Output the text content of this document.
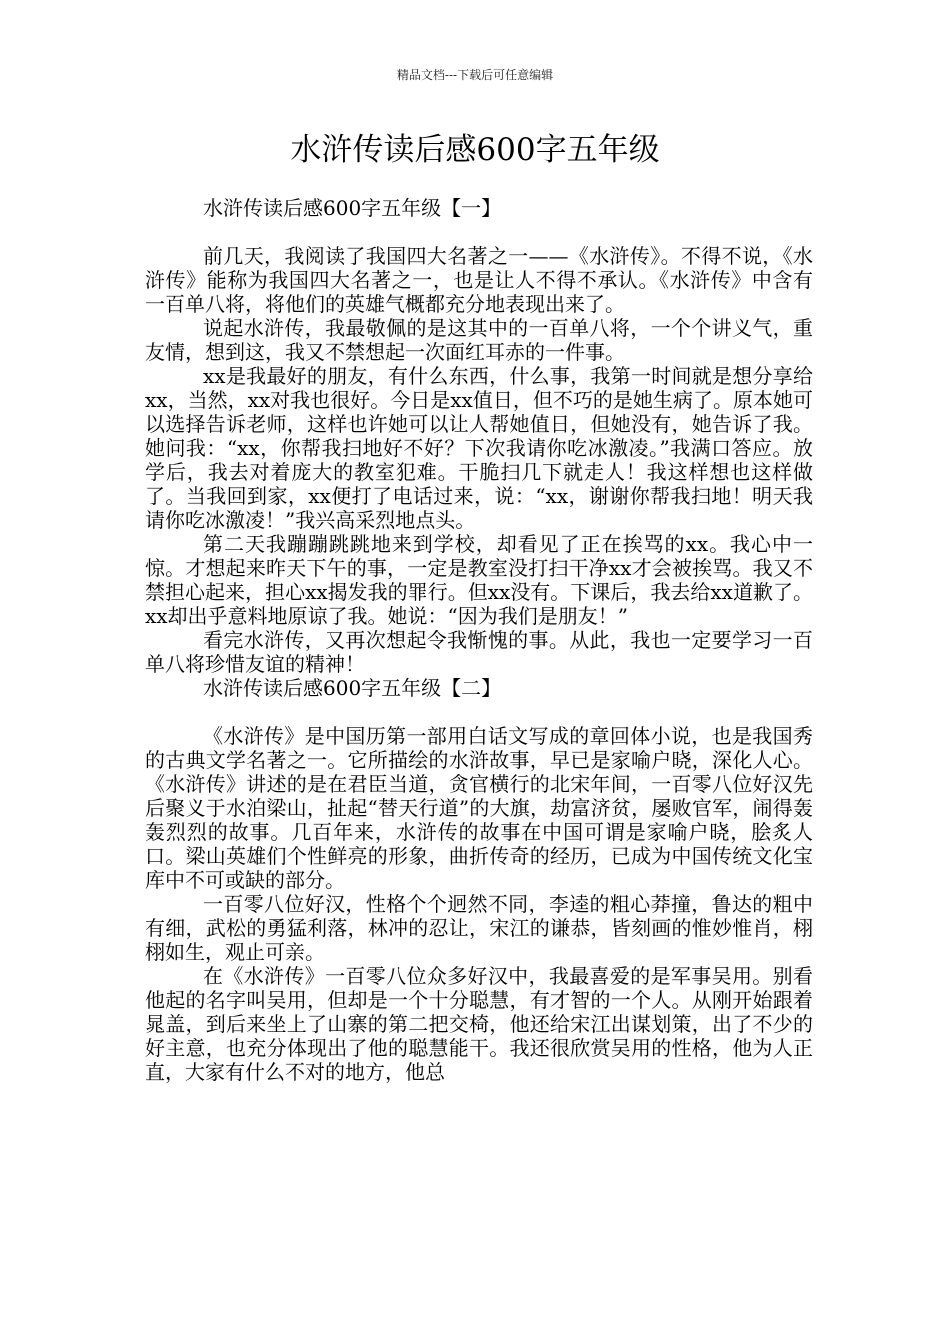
精品文档---下载后可任意编辑
水浒传读后感600字五年级

水浒传读后感600字五年级【一】

前几天，我阅读了我国四大名著之一——《水浒传》。不得不说，《水浒传》能称为我国四大名著之一，也是让人不得不承认。《水浒传》中含有一百单八将，将他们的英雄气概都充分地表现出来了。

说起水浒传，我最敬佩的是这其中的一百单八将，一个个讲义气，重友情，想到这，我又不禁想起一次面红耳赤的一件事。

xx是我最好的朋友，有什么东西，什么事，我第一时间就是想分享给xx，当然，xx对我也很好。今日是xx值日，但不巧的是她生病了。原本她可以选择告诉老师，这样也许她可以让人帮她值日，但她没有，她告诉了我。她问我：“xx，你帮我扫地好不好？下次我请你吃冰激凌。”我满口答应。放学后，我去对着庞大的教室犯难。干脆扫几下就走人！我这样想也这样做了。当我回到家，xx便打了电话过来，说：“xx，谢谢你帮我扫地！明天我请你吃冰激凌！”我兴高采烈地点头。

第二天我蹦蹦跳跳地来到学校，却看见了正在挨骂的xx。我心中一惊。才想起来昨天下午的事，一定是教室没打扫干净xx才会被挨骂。我又不禁担心起来，担心xx揭发我的罪行。但xx没有。下课后，我去给xx道歉了。xx却出乎意料地原谅了我。她说：“因为我们是朋友！”

看完水浒传，又再次想起令我惭愧的事。从此，我也一定要学习一百单八将珍惜友谊的精神！

水浒传读后感600字五年级【二】

《水浒传》是中国历第一部用白话文写成的章回体小说，也是我国秀的古典文学名著之一。它所描绘的水浒故事，早已是家喻户晓，深化人心。《水浒传》讲述的是在君臣当道，贪官横行的北宋年间，一百零八位好汉先后聚义于水泊梁山，扯起“替天行道”的大旗，劫富济贫，屡败官军，闹得轰轰烈烈的故事。几百年来，水浒传的故事在中国可谓是家喻户晓，脍炙人口。梁山英雄们个性鲜亮的形象，曲折传奇的经历，已成为中国传统文化宝库中不可或缺的部分。

一百零八位好汉，性格个个迥然不同，李逵的粗心莽撞，鲁达的粗中有细，武松的勇猛利落，林冲的忍让，宋江的谦恭，皆刻画的惟妙惟肖，栩栩如生，观止可亲。

在《水浒传》一百零八位众多好汉中，我最喜爱的是军事吴用。别看他起的名字叫吴用，但却是一个十分聪慧，有才智的一个人。从刚开始跟着晁盖，到后来坐上了山寨的第二把交椅，他还给宋江出谋划策，出了不少的好主意，也充分体现出了他的聪慧能干。我还很欣赏吴用的性格，他为人正直，大家有什么不对的地方，他总
